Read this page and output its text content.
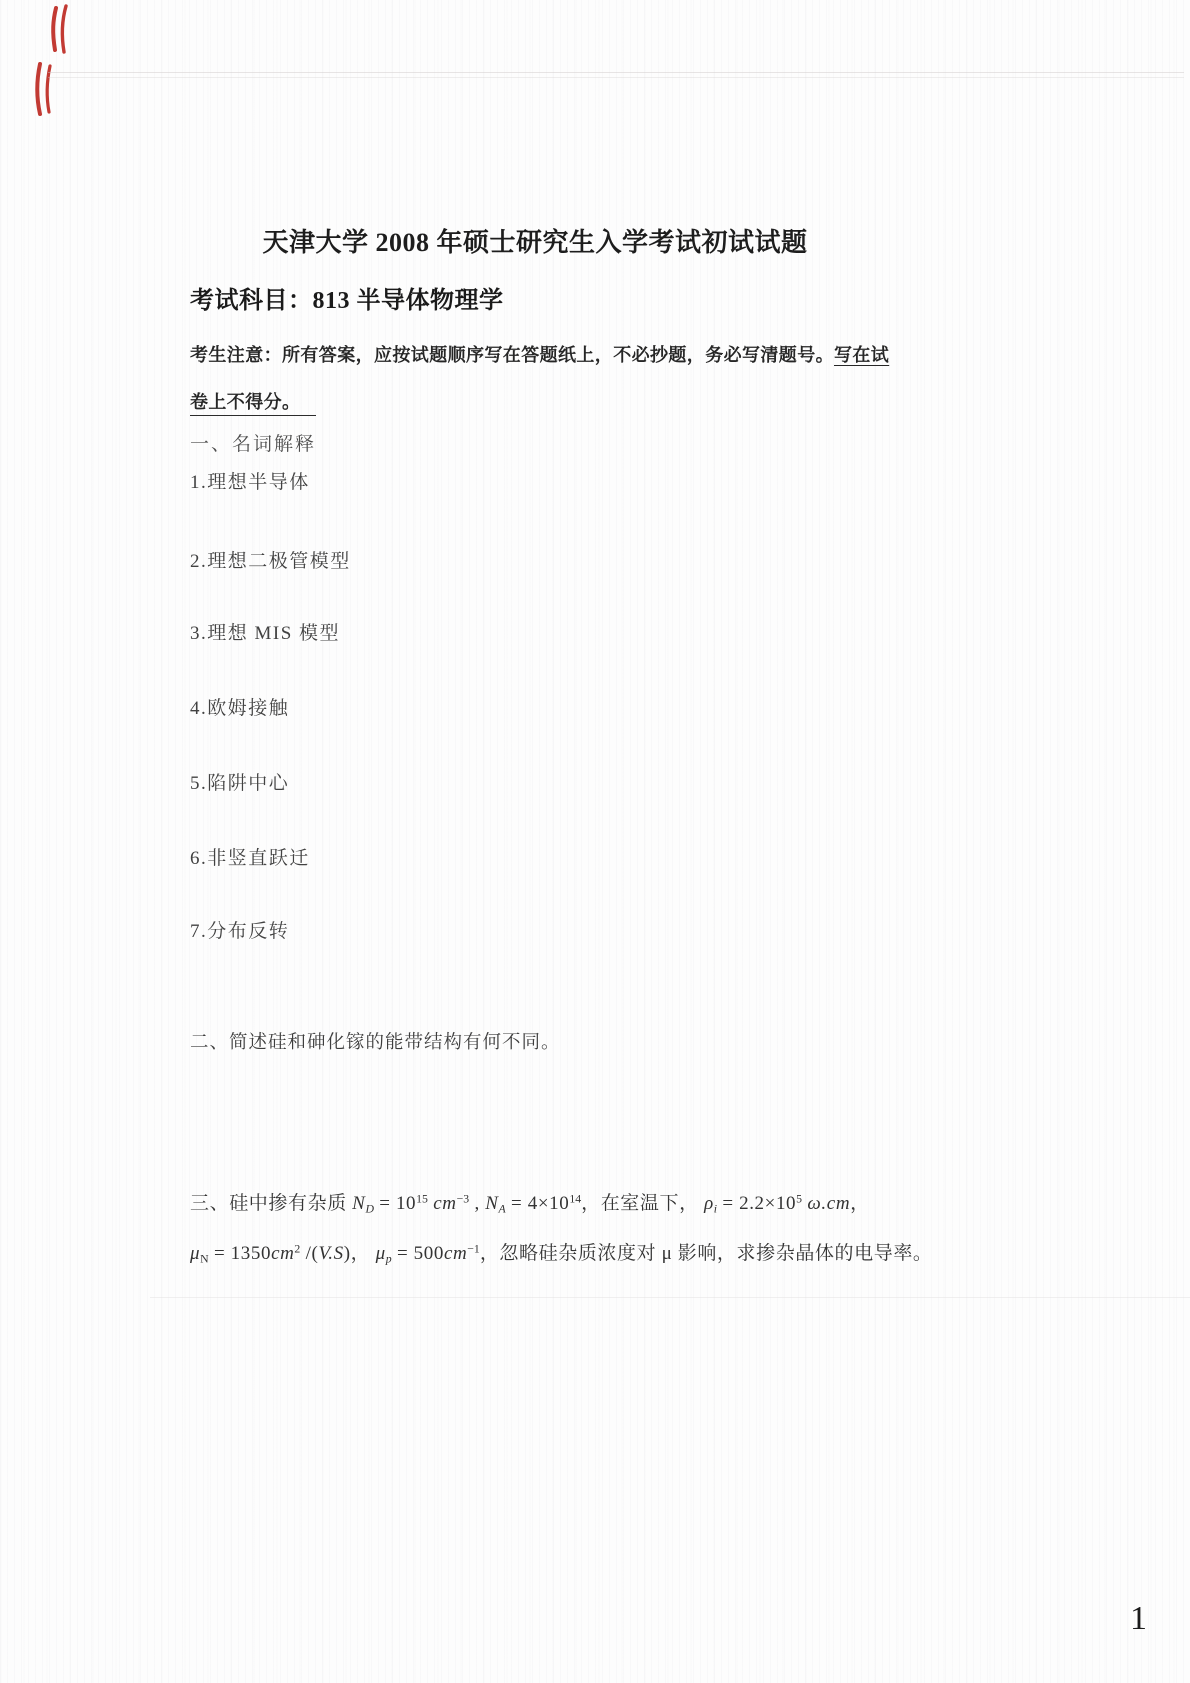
天津大学 2008 年硕士研究生入学考试初试试题
考试科目：813 半导体物理学
考生注意：所有答案，应按试题顺序写在答题纸上，不必抄题，务必写清题号。写在试
卷上不得分。
一、名词解释
1.理想半导体
2.理想二极管模型
3.理想 MIS 模型
4.欧姆接触
5.陷阱中心
6.非竖直跃迁
7.分布反转
二、简述硅和砷化镓的能带结构有何不同。
三、硅中掺有杂质 ND = $10^{15}$ $cm^{-3}$ , NA = $4\times 10^{14}$，在室温下， $\rho i = 2.2\times 10^5$ ω.cm，
$\mu N = 1350cm^2$ /(V.S)， $\mu p = 500cm^{-1}$，忽略硅杂质浓度对 μ 影响，求掺杂晶体的电导率。
1
